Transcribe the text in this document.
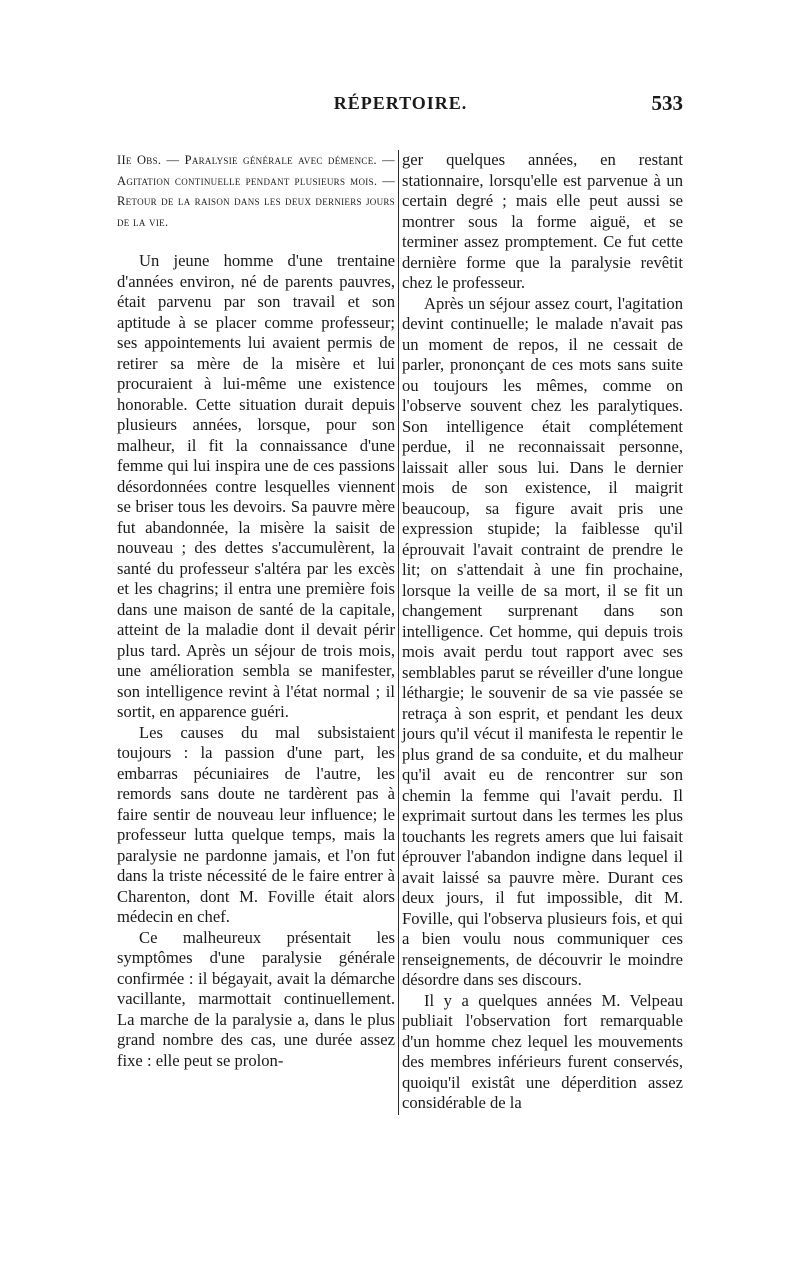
RÉPERTOIRE.	533
IIe Obs. — Paralysie générale avec démence. — Agitation continuelle pendant plusieurs mois. — Retour de la raison dans les deux derniers jours de la vie.

Un jeune homme d'une trentaine d'années environ, né de parents pauvres, était parvenu par son travail et son aptitude à se placer comme professeur; ses appointements lui avaient permis de retirer sa mère de la misère et lui procuraient à lui-même une existence honorable. Cette situation durait depuis plusieurs années, lorsque, pour son malheur, il fit la connaissance d'une femme qui lui inspira une de ces passions désordonnées contre lesquelles viennent se briser tous les devoirs. Sa pauvre mère fut abandonnée, la misère la saisit de nouveau ; des dettes s'accumulèrent, la santé du professeur s'altéra par les excès et les chagrins; il entra une première fois dans une maison de santé de la capitale, atteint de la maladie dont il devait périr plus tard. Après un séjour de trois mois, une amélioration sembla se manifester, son intelligence revint à l'état normal ; il sortit, en apparence guéri.

Les causes du mal subsistaient toujours : la passion d'une part, les embarras pécuniaires de l'autre, les remords sans doute ne tardèrent pas à faire sentir de nouveau leur influence; le professeur lutta quelque temps, mais la paralysie ne pardonne jamais, et l'on fut dans la triste nécessité de le faire entrer à Charenton, dont M. Foville était alors médecin en chef.

Ce malheureux présentait les symptômes d'une paralysie générale confirmée : il bégayait, avait la démarche vacillante, marmottait continuellement. La marche de la paralysie a, dans le plus grand nombre des cas, une durée assez fixe : elle peut se prolon-

ger quelques années, en restant stationnaire, lorsqu'elle est parvenue à un certain degré ; mais elle peut aussi se montrer sous la forme aiguë, et se terminer assez promptement. Ce fut cette dernière forme que la paralysie revêtit chez le professeur.

Après un séjour assez court, l'agitation devint continuelle; le malade n'avait pas un moment de repos, il ne cessait de parler, prononçant de ces mots sans suite ou toujours les mêmes, comme on l'observe souvent chez les paralytiques. Son intelligence était complétement perdue, il ne reconnaissait personne, laissait aller sous lui. Dans le dernier mois de son existence, il maigrit beaucoup, sa figure avait pris une expression stupide; la faiblesse qu'il éprouvait l'avait contraint de prendre le lit; on s'attendait à une fin prochaine, lorsque la veille de sa mort, il se fit un changement surprenant dans son intelligence. Cet homme, qui depuis trois mois avait perdu tout rapport avec ses semblables parut se réveiller d'une longue léthargie; le souvenir de sa vie passée se retraça à son esprit, et pendant les deux jours qu'il vécut il manifesta le repentir le plus grand de sa conduite, et du malheur qu'il avait eu de rencontrer sur son chemin la femme qui l'avait perdu. Il exprimait surtout dans les termes les plus touchants les regrets amers que lui faisait éprouver l'abandon indigne dans lequel il avait laissé sa pauvre mère. Durant ces deux jours, il fut impossible, dit M. Foville, qui l'observa plusieurs fois, et qui a bien voulu nous communiquer ces renseignements, de découvrir le moindre désordre dans ses discours.

Il y a quelques années M. Velpeau publiait l'observation fort remarquable d'un homme chez lequel les mouvements des membres inférieurs furent conservés, quoiqu'il existât une déperdition assez considérable de la
